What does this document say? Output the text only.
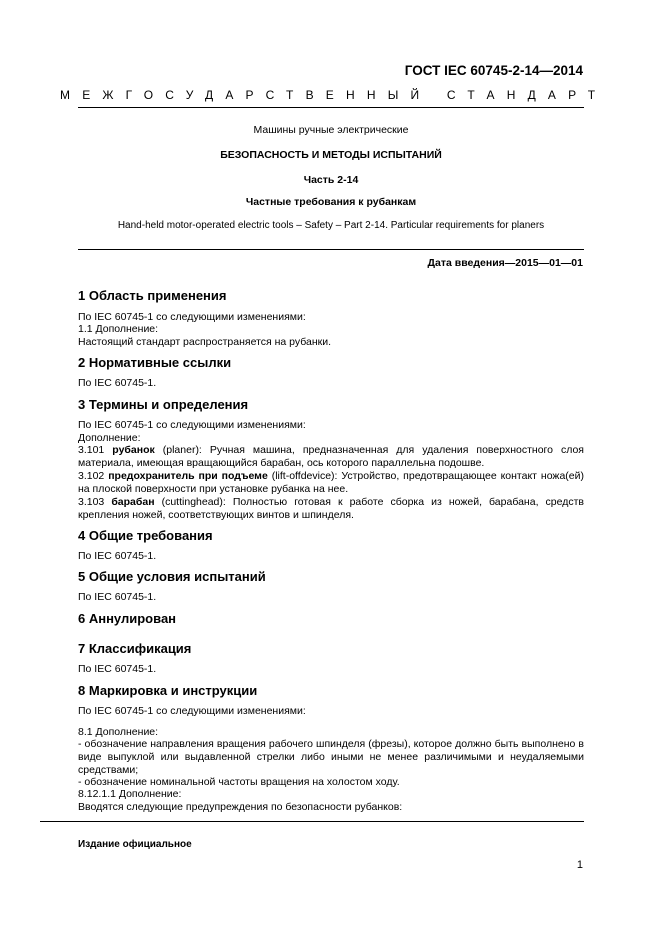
ГОСТ IEC 60745-2-14—2014
МЕЖГОСУДАРСТВЕННЫЙ СТАНДАРТ
Машины ручные электрические
БЕЗОПАСНОСТЬ И МЕТОДЫ ИСПЫТАНИЙ
Часть 2-14
Частные требования к рубанкам
Hand-held motor-operated electric tools – Safety – Part 2-14. Particular requirements for planers
Дата введения—2015—01—01
1 Область применения
По IEC 60745-1 со следующими изменениями:
1.1 Дополнение:
Настоящий стандарт распространяется на рубанки.
2 Нормативные ссылки
По IEC 60745-1.
3 Термины и определения
По IEC 60745-1 со следующими изменениями:
Дополнение:
3.101 рубанок (planer): Ручная машина, предназначенная для удаления поверхностного слоя материала, имеющая вращающийся барабан, ось которого параллельна подошве.
3.102 предохранитель при подъеме (lift-offdevice): Устройство, предотвращающее контакт ножа(ей) на плоской поверхности при установке рубанка на нее.
3.103 барабан (cuttinghead): Полностью готовая к работе сборка из ножей, барабана, средств крепления ножей, соответствующих винтов и шпинделя.
4 Общие требования
По IEC 60745-1.
5 Общие условия испытаний
По IEC 60745-1.
6 Аннулирован
7 Классификация
По IEC 60745-1.
8 Маркировка и инструкции
По IEC 60745-1 со следующими изменениями:
8.1 Дополнение:
- обозначение направления вращения рабочего шпинделя (фрезы), которое должно быть выполнено в виде выпуклой или выдавленной стрелки либо иными не менее различимыми и неудаляемыми средствами;
- обозначение номинальной частоты вращения на холостом ходу.
8.12.1.1 Дополнение:
Вводятся следующие предупреждения по безопасности рубанков:
Издание официальное
1
